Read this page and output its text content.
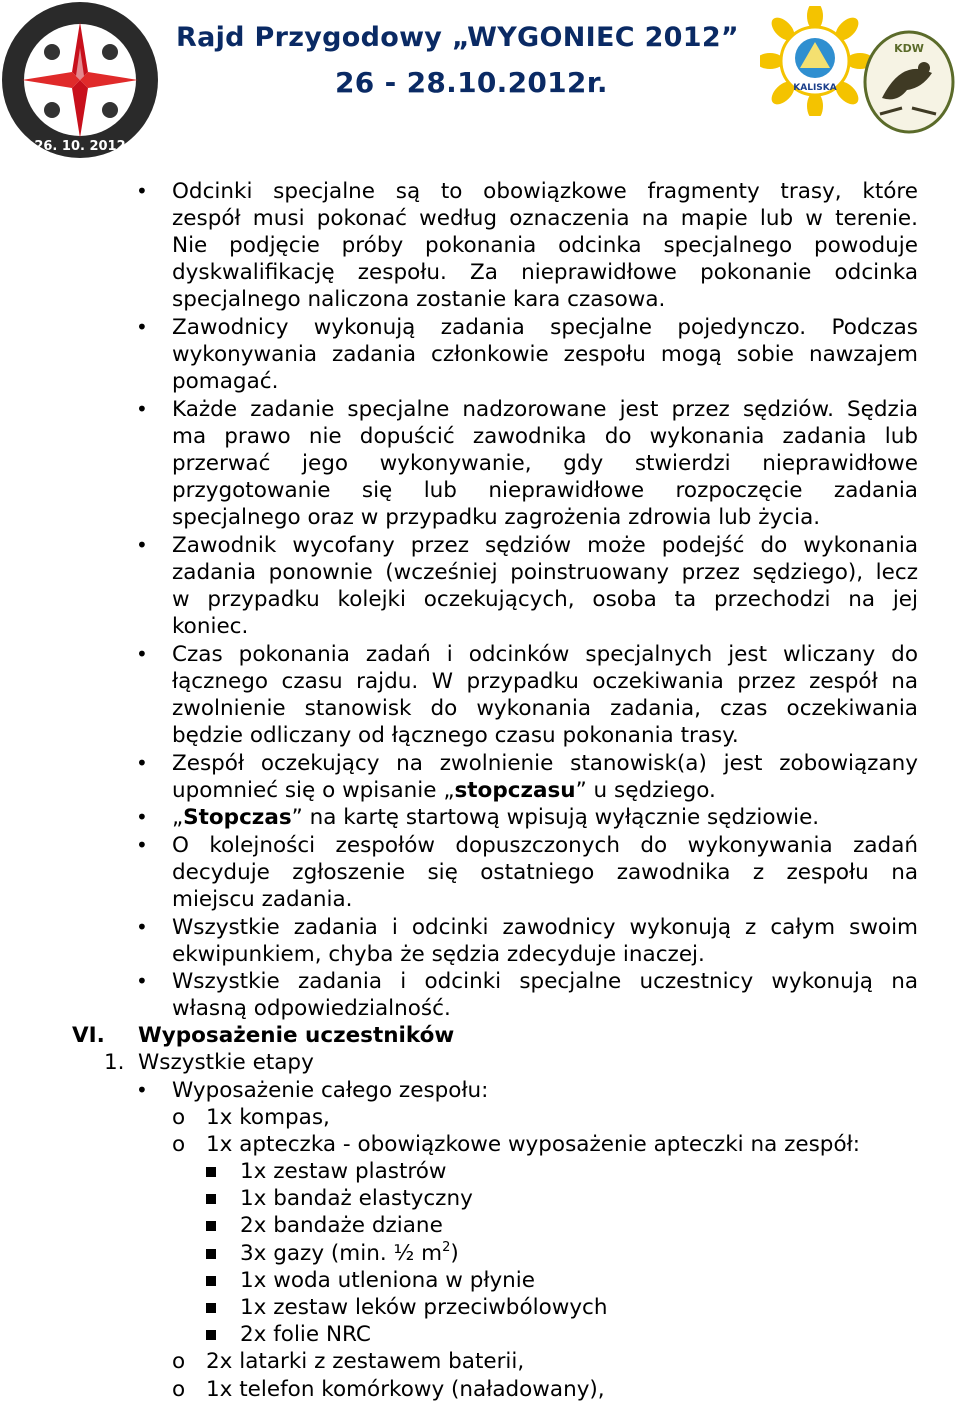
26. 10. 2012
Rajd Przygodowy „WYGONIEC 2012”
26 - 28.10.2012r.	KALISKA
KDW
•	Odcinki specjalne są to obowiązkowe fragmenty trasy, które
zespół musi pokonać według oznaczenia na mapie lub w terenie.
Nie podjęcie próby pokonania odcinka specjalnego powoduje
dyskwalifikację zespołu. Za nieprawidłowe pokonanie odcinka
specjalnego naliczona zostanie kara czasowa.
•	Zawodnicy wykonują zadania specjalne pojedynczo. Podczas
wykonywania zadania członkowie zespołu mogą sobie nawzajem
pomagać.
•	Każde zadanie specjalne nadzorowane jest przez sędziów. Sędzia
ma prawo nie dopuścić zawodnika do wykonania zadania lub
przerwać jego wykonywanie, gdy stwierdzi nieprawidłowe
przygotowanie się lub nieprawidłowe rozpoczęcie zadania
specjalnego oraz w przypadku zagrożenia zdrowia lub życia.
•	Zawodnik wycofany przez sędziów może podejść do wykonania
zadania ponownie (wcześniej poinstruowany przez sędziego), lecz
w przypadku kolejki oczekujących, osoba ta przechodzi na jej
koniec.
•	Czas pokonania zadań i odcinków specjalnych jest wliczany do
łącznego czasu rajdu. W przypadku oczekiwania przez zespół na
zwolnienie stanowisk do wykonania zadania, czas oczekiwania
będzie odliczany od łącznego czasu pokonania trasy.
•	Zespół oczekujący na zwolnienie stanowisk(a) jest zobowiązany
upomnieć się o wpisanie „stopczasu” u sędziego.
•	„Stopczas” na kartę startową wpisują wyłącznie sędziowie.
•	O kolejności zespołów dopuszczonych do wykonywania zadań
decyduje zgłoszenie się ostatniego zawodnika z zespołu na
miejscu zadania.
•	Wszystkie zadania i odcinki zawodnicy wykonują z całym swoim
ekwipunkiem, chyba że sędzia zdecyduje inaczej.
•	Wszystkie zadania i odcinki specjalne uczestnicy wykonują na
własną odpowiedzialność.
VI. Wyposażenie uczestników
1. Wszystkie etapy
•	Wyposażenie całego zespołu:
o 1x kompas,
o 1x apteczka - obowiązkowe wyposażenie apteczki na zespół:
1x zestaw plastrów
1x bandaż elastyczny
2x bandaże dziane
3x gazy (min. ½ $m^2$)
1x woda utleniona w płynie
1x zestaw leków przeciwbólowych
2x folie NRC
o 2x latarki z zestawem baterii,
o 1x telefon komórkowy (naładowany),
